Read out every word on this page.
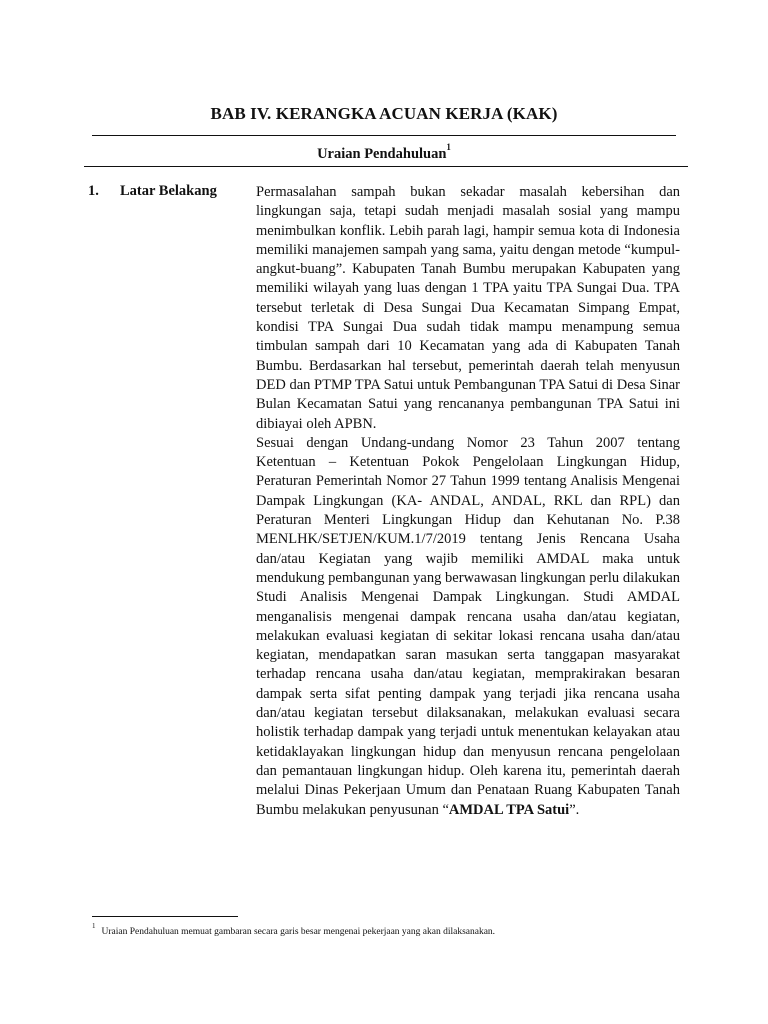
BAB IV. KERANGKA ACUAN KERJA (KAK)
Uraian Pendahuluan$^1$
1. Latar Belakang	Permasalahan sampah bukan sekadar masalah kebersihan dan lingkungan saja, tetapi sudah menjadi masalah sosial yang mampu menimbulkan konflik. Lebih parah lagi, hampir semua kota di Indonesia memiliki manajemen sampah yang sama, yaitu dengan metode “kumpul-angkut-buang”. Kabupaten Tanah Bumbu merupakan Kabupaten yang memiliki wilayah yang luas dengan 1 TPA yaitu TPA Sungai Dua. TPA tersebut terletak di Desa Sungai Dua Kecamatan Simpang Empat, kondisi TPA Sungai Dua sudah tidak mampu menampung semua timbulan sampah dari 10 Kecamatan yang ada di Kabupaten Tanah Bumbu. Berdasarkan hal tersebut, pemerintah daerah telah menyusun DED dan PTMP TPA Satui untuk Pembangunan TPA Satui di Desa Sinar Bulan Kecamatan Satui yang rencananya pembangunan TPA Satui ini dibiayai oleh APBN.

Sesuai dengan Undang-undang Nomor 23 Tahun 2007 tentang Ketentuan – Ketentuan Pokok Pengelolaan Lingkungan Hidup, Peraturan Pemerintah Nomor 27 Tahun 1999 tentang Analisis Mengenai Dampak Lingkungan (KA- ANDAL, ANDAL, RKL dan RPL) dan Peraturan Menteri Lingkungan Hidup dan Kehutanan No. P.38 MENLHK/SETJEN/KUM.1/7/2019 tentang Jenis Rencana Usaha dan/atau Kegiatan yang wajib memiliki AMDAL maka untuk mendukung pembangunan yang berwawasan lingkungan perlu dilakukan Studi Analisis Mengenai Dampak Lingkungan. Studi AMDAL menganalisis mengenai dampak rencana usaha dan/atau kegiatan, melakukan evaluasi kegiatan di sekitar lokasi rencana usaha dan/atau kegiatan, mendapatkan saran masukan serta tanggapan masyarakat terhadap rencana usaha dan/atau kegiatan, memprakirakan besaran dampak serta sifat penting dampak yang terjadi jika rencana usaha dan/atau kegiatan tersebut dilaksanakan, melakukan evaluasi secara holistik terhadap dampak yang terjadi untuk menentukan kelayakan atau ketidaklayakan lingkungan hidup dan menyusun rencana pengelolaan dan pemantauan lingkungan hidup. Oleh karena itu, pemerintah daerah melalui Dinas Pekerjaan Umum dan Penataan Ruang Kabupaten Tanah Bumbu melakukan penyusunan “AMDAL TPA Satui”.

$^1$Uraian Pendahuluan memuat gambaran secara garis besar mengenai pekerjaan yang akan dilaksanakan.
